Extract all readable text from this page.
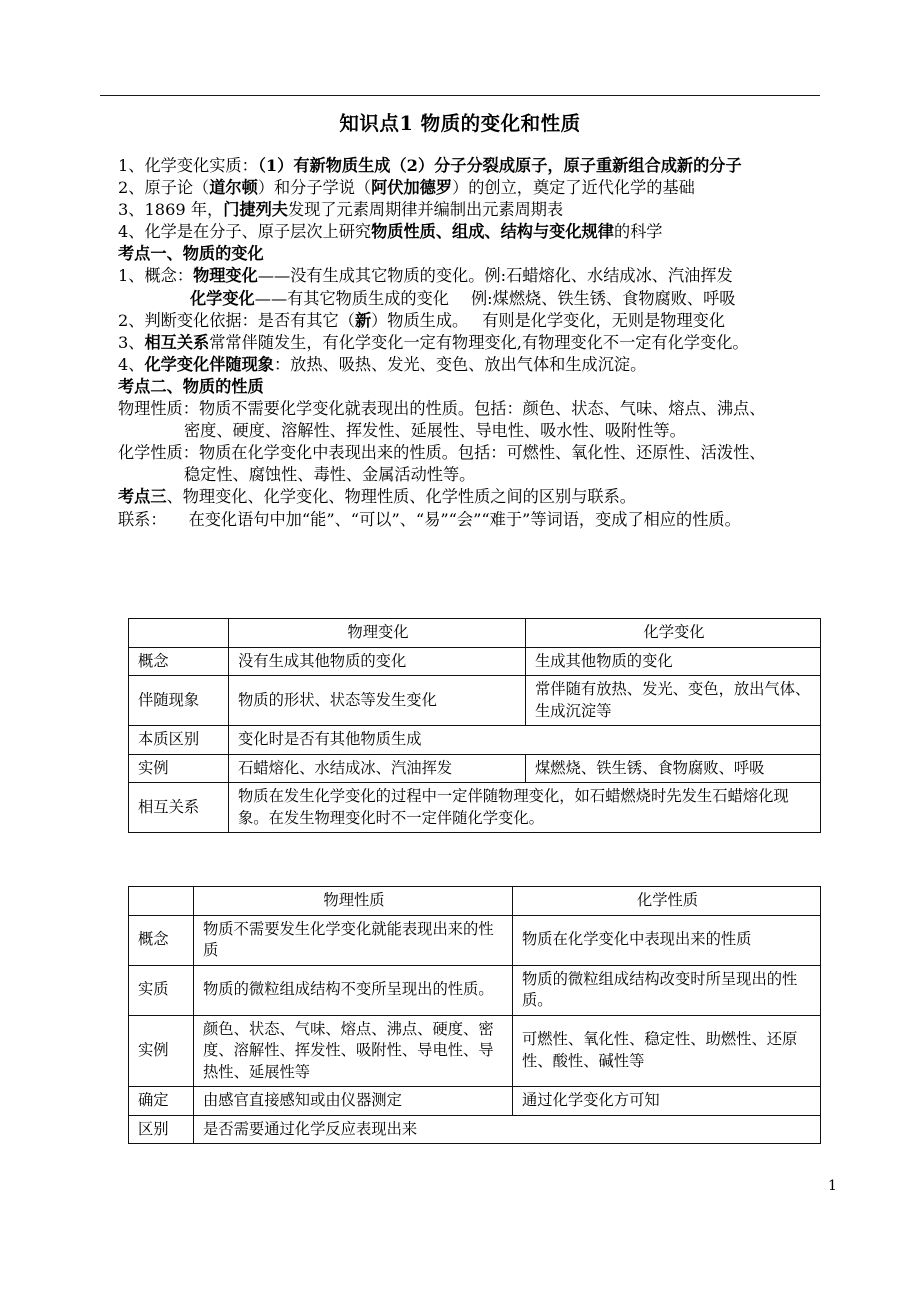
知识点1 物质的变化和性质
1、化学变化实质：（1）有新物质生成（2）分子分裂成原子，原子重新组合成新的分子
2、原子论（道尔顿）和分子学说（阿伏加德罗）的创立，奠定了近代化学的基础
3、1869 年，门捷列夫发现了元素周期律并编制出元素周期表
4、化学是在分子、原子层次上研究物质性质、组成、结构与变化规律的科学
考点一、物质的变化
1、概念：物理变化——没有生成其它物质的变化。例:石蜡熔化、水结成冰、汽油挥发
化学变化——有其它物质生成的变化 例:煤燃烧、铁生锈、食物腐败、呼吸
2、判断变化依据：是否有其它（新）物质生成。 有则是化学变化，无则是物理变化
3、相互关系常常伴随发生，有化学变化一定有物理变化,有物理变化不一定有化学变化。
4、化学变化伴随现象：放热、吸热、发光、变色、放出气体和生成沉淀。
考点二、物质的性质
物理性质：物质不需要化学变化就表现出的性质。包括：颜色、状态、气味、熔点、沸点、
密度、硬度、溶解性、挥发性、延展性、导电性、吸水性、吸附性等。
化学性质：物质在化学变化中表现出来的性质。包括：可燃性、氧化性、还原性、活泼性、
稳定性、腐蚀性、毒性、金属活动性等。
考点三、物理变化、化学变化、物理性质、化学性质之间的区别与联系。
联系： 在变化语句中加“能”、“可以”、“易”“会”“难于”等词语，变成了相应的性质。
	物理变化	化学变化
概念	没有生成其他物质的变化	生成其他物质的变化
伴随现象	物质的形状、状态等发生变化	常伴随有放热、发光、变色，放出气体、生成沉淀等
本质区别	变化时是否有其他物质生成	
实例	石蜡熔化、水结成冰、汽油挥发	煤燃烧、铁生锈、食物腐败、呼吸
相互关系	物质在发生化学变化的过程中一定伴随物理变化，如石蜡燃烧时先发生石蜡熔化现象。在发生物理变化时不一定伴随化学变化。	
	物理性质	化学性质
概念	物质不需要发生化学变化就能表现出来的性质	物质在化学变化中表现出来的性质
实质	物质的微粒组成结构不变所呈现出的性质。	物质的微粒组成结构改变时所呈现出的性质。
实例	颜色、状态、气味、熔点、沸点、硬度、密度、溶解性、挥发性、吸附性、导电性、导热性、延展性等	可燃性、氧化性、稳定性、助燃性、还原性、酸性、碱性等
确定	由感官直接感知或由仪器测定	通过化学变化方可知
区别	是否需要通过化学反应表现出来	
1
